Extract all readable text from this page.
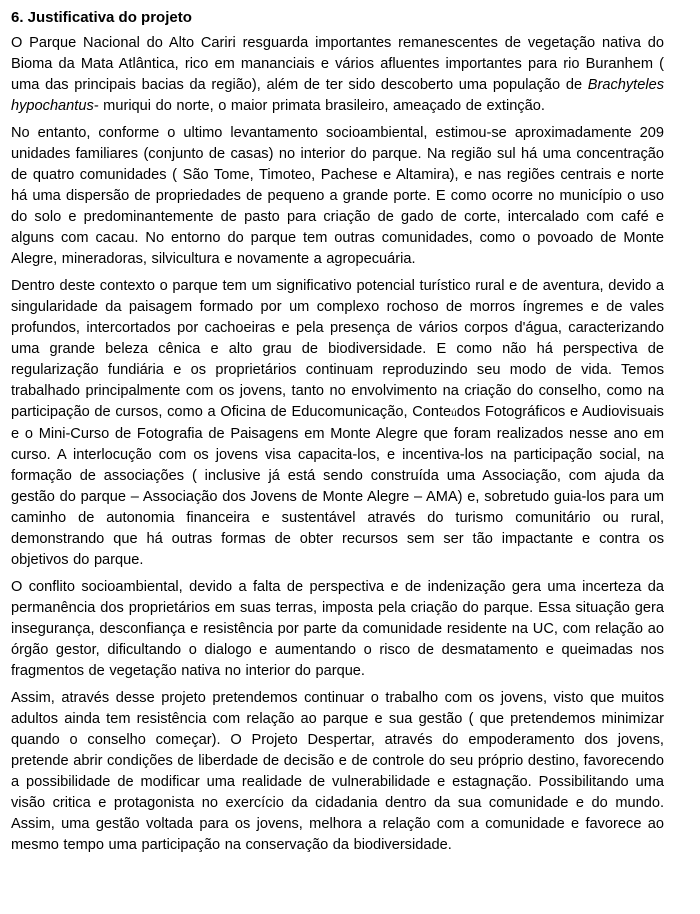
6. Justificativa do projeto

O Parque Nacional do Alto Cariri resguarda importantes remanescentes de vegetação nativa do Bioma da Mata Atlântica, rico em mananciais e vários afluentes importantes para rio Buranhem ( uma das principais bacias da região), além de ter sido descoberto uma população de Brachyteles hypochantus- muriqui do norte, o maior primata brasileiro, ameaçado de extinção.

No entanto, conforme o ultimo levantamento socioambiental, estimou-se aproximadamente 209 unidades familiares (conjunto de casas) no interior do parque. Na região sul há uma concentração de quatro comunidades ( São Tome, Timoteo, Pachese e Altamira), e nas regiões centrais e norte há uma dispersão de propriedades de pequeno a grande porte. E como ocorre no município o uso do solo e predominantemente de pasto para criação de gado de corte, intercalado com café e alguns com cacau. No entorno do parque tem outras comunidades, como o povoado de Monte Alegre, mineradoras, silvicultura e novamente a agropecuária.

Dentro deste contexto o parque tem um significativo potencial turístico rural e de aventura, devido a singularidade da paisagem formado por um complexo rochoso de morros íngremes e de vales profundos, intercortados por cachoeiras e pela presença de vários corpos d'água, caracterizando uma grande beleza cênica e alto grau de biodiversidade. E como não há perspectiva de regularização fundiária e os proprietários continuam reproduzindo seu modo de vida. Temos trabalhado principalmente com os jovens, tanto no envolvimento na criação do conselho, como na participação de cursos, como a Oficina de Educomunicação, Conteúdos Fotográficos e Audiovisuais e o Mini-Curso de Fotografia de Paisagens em Monte Alegre que foram realizados nesse ano em curso. A interlocução com os jovens visa capacita-los, e incentiva-los na participação social, na formação de associações ( inclusive já está sendo construída uma Associação, com ajuda da gestão do parque – Associação dos Jovens de Monte Alegre – AMA) e, sobretudo guia-los para um caminho de autonomia financeira e sustentável através do turismo comunitário ou rural, demonstrando que há outras formas de obter recursos sem ser tão impactante e contra os objetivos do parque.

O conflito socioambiental, devido a falta de perspectiva e de indenização gera uma incerteza da permanência dos proprietários em suas terras, imposta pela criação do parque. Essa situação gera insegurança, desconfiança e resistência por parte da comunidade residente na UC, com relação ao órgão gestor, dificultando o dialogo e aumentando o risco de desmatamento e queimadas nos fragmentos de vegetação nativa no interior do parque.

Assim, através desse projeto pretendemos continuar o trabalho com os jovens, visto que muitos adultos ainda tem resistência com relação ao parque e sua gestão ( que pretendemos minimizar quando o conselho começar). O Projeto Despertar, através do empoderamento dos jovens, pretende abrir condições de liberdade de decisão e de controle do seu próprio destino, favorecendo a possibilidade de modificar uma realidade de vulnerabilidade e estagnação. Possibilitando uma visão critica e protagonista no exercício da cidadania dentro da sua comunidade e do mundo. Assim, uma gestão voltada para os jovens, melhora a relação com a comunidade e favorece ao mesmo tempo uma participação na conservação da biodiversidade.
